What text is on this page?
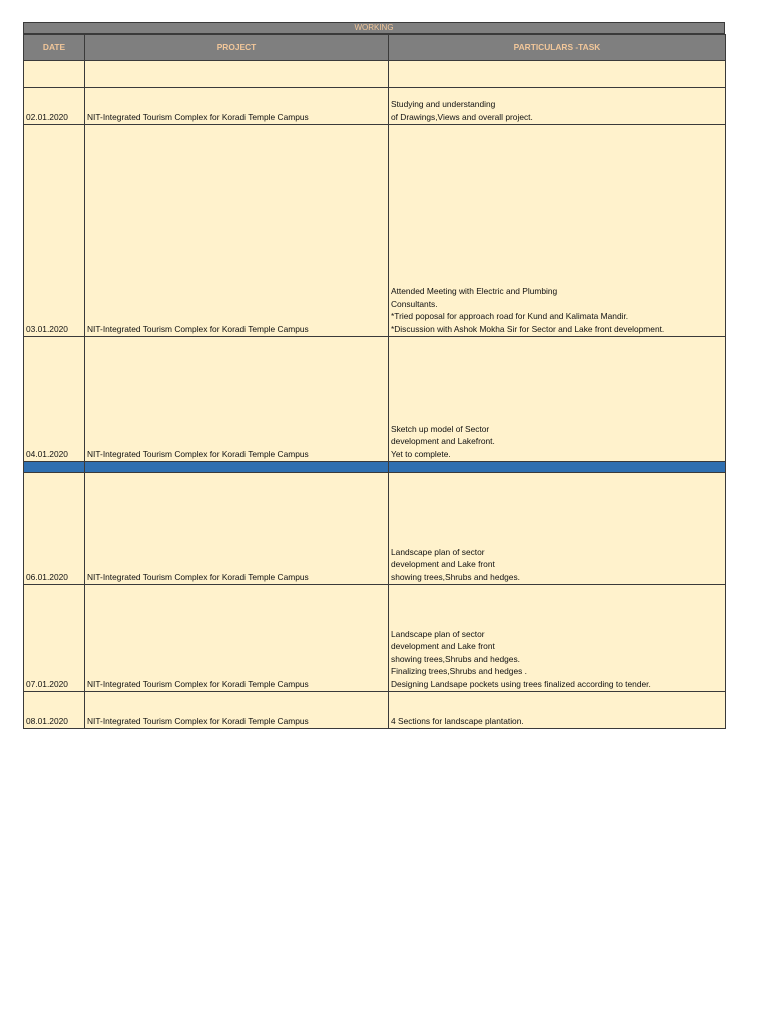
WORKING
DATE	PROJECT	PARTICULARS -TASK

02.01.2020	NIT-Integrated Tourism Complex for Koradi Temple Campus	Studying and understanding
of Drawings,Views and overall project.
03.01.2020	NIT-Integrated Tourism Complex for Koradi Temple Campus	Attended Meeting with Electric and Plumbing
Consultants.
*Tried poposal for approach road for Kund and Kalimata Mandir.
*Discussion with Ashok Mokha Sir for Sector and Lake front development.
04.01.2020	NIT-Integrated Tourism Complex for Koradi Temple Campus	Sketch up model of Sector
development and Lakefront.
Yet to complete.

06.01.2020	NIT-Integrated Tourism Complex for Koradi Temple Campus	Landscape plan of sector
development and Lake front
showing trees,Shrubs and hedges.
07.01.2020	NIT-Integrated Tourism Complex for Koradi Temple Campus	Landscape plan of sector
development and Lake front
showing trees,Shrubs and hedges.
Finalizing trees,Shrubs and hedges .
Designing Landsape pockets using trees finalized according to tender.
08.01.2020	NIT-Integrated Tourism Complex for Koradi Temple Campus	4 Sections for landscape plantation.
